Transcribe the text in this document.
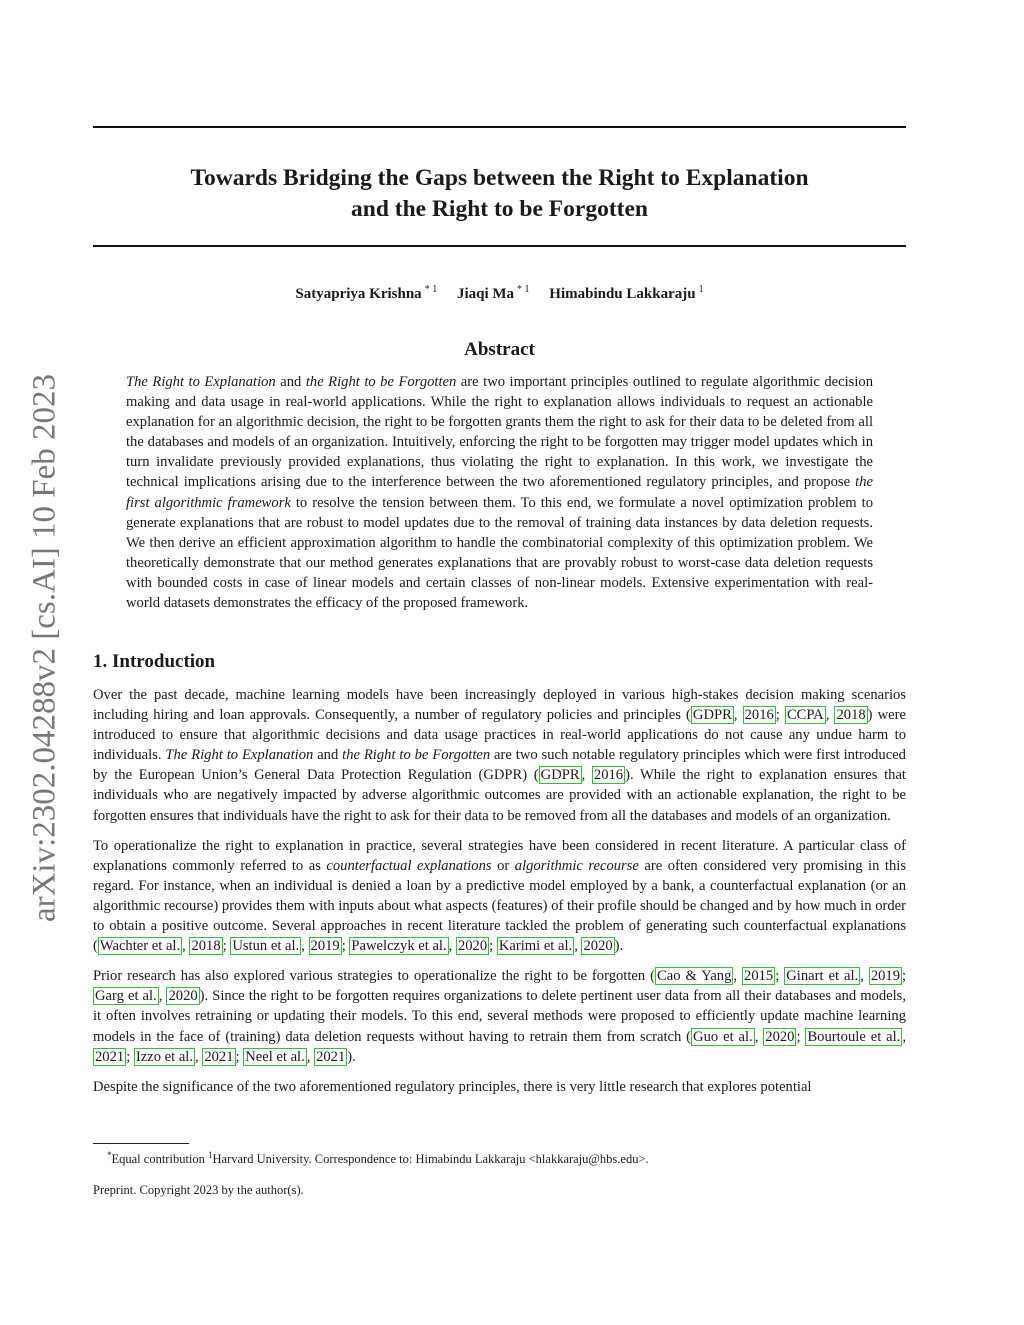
arXiv:2302.04288v2 [cs.AI] 10 Feb 2023
Towards Bridging the Gaps between the Right to Explanation
and the Right to be Forgotten
Satyapriya Krishna $^{* 1}$ Jiaqi Ma $^{* 1}$ Himabindu Lakkaraju $^1$
Abstract
The Right to Explanation and the Right to be Forgotten are two important principles outlined to regulate algorithmic decision making and data usage in real-world applications. While the right to explanation allows individuals to request an actionable explanation for an algorithmic decision, the right to be forgotten grants them the right to ask for their data to be deleted from all the databases and models of an organization. Intuitively, enforcing the right to be forgotten may trigger model updates which in turn invalidate previously provided explanations, thus violating the right to explanation. In this work, we investigate the technical implications arising due to the interference between the two aforementioned regulatory principles, and propose the first algorithmic framework to resolve the tension between them. To this end, we formulate a novel optimization problem to generate explanations that are robust to model updates due to the removal of training data instances by data deletion requests. We then derive an efficient approximation algorithm to handle the combinatorial complexity of this optimization problem. We theoretically demonstrate that our method generates explanations that are provably robust to worst-case data deletion requests with bounded costs in case of linear models and certain classes of non-linear models. Extensive experimentation with real-world datasets demonstrates the efficacy of the proposed framework.
1. Introduction

Over the past decade, machine learning models have been increasingly deployed in various high-stakes decision making scenarios including hiring and loan approvals. Consequently, a number of regulatory policies and principles ( GDPR , 2016 ; CCPA , 2018 ) were introduced to ensure that algorithmic decisions and data usage practices in real-world applications do not cause any undue harm to individuals. The Right to Explanation and the Right to be Forgotten are two such notable regulatory principles which were first introduced by the European Union’s General Data Protection Regulation (GDPR) ( GDPR , 2016 ). While the right to explanation ensures that individuals who are negatively impacted by adverse algorithmic outcomes are provided with an actionable explanation, the right to be forgotten ensures that individuals have the right to ask for their data to be removed from all the databases and models of an organization.

To operationalize the right to explanation in practice, several strategies have been considered in recent literature. A particular class of explanations commonly referred to as counterfactual explanations or algorithmic recourse are often considered very promising in this regard. For instance, when an individual is denied a loan by a predictive model employed by a bank, a counterfactual explanation (or an algorithmic recourse) provides them with inputs about what aspects (features) of their profile should be changed and by how much in order to obtain a positive outcome. Several approaches in recent literature tackled the problem of generating such counterfactual explanations ( Wachter et al. , 2018 ; Ustun et al. , 2019 ; Pawelczyk et al. , 2020 ; Karimi et al. , 2020 ).

Prior research has also explored various strategies to operationalize the right to be forgotten ( Cao & Yang , 2015 ; Ginart et al. , 2019 ; Garg et al. , 2020 ). Since the right to be forgotten requires organizations to delete pertinent user data from all their databases and models, it often involves retraining or updating their models. To this end, several methods were proposed to efficiently update machine learning models in the face of (training) data deletion requests without having to retrain them from scratch ( Guo et al. , 2020 ; Bourtoule et al. , 2021 ; Izzo et al. , 2021 ; Neel et al. , 2021 ).

Despite the significance of the two aforementioned regulatory principles, there is very little research that explores potential

*Equal contribution $^1$Harvard University. Correspondence to: Himabindu Lakkaraju <hlakkaraju@hbs.edu>.
Preprint. Copyright 2023 by the author(s).
